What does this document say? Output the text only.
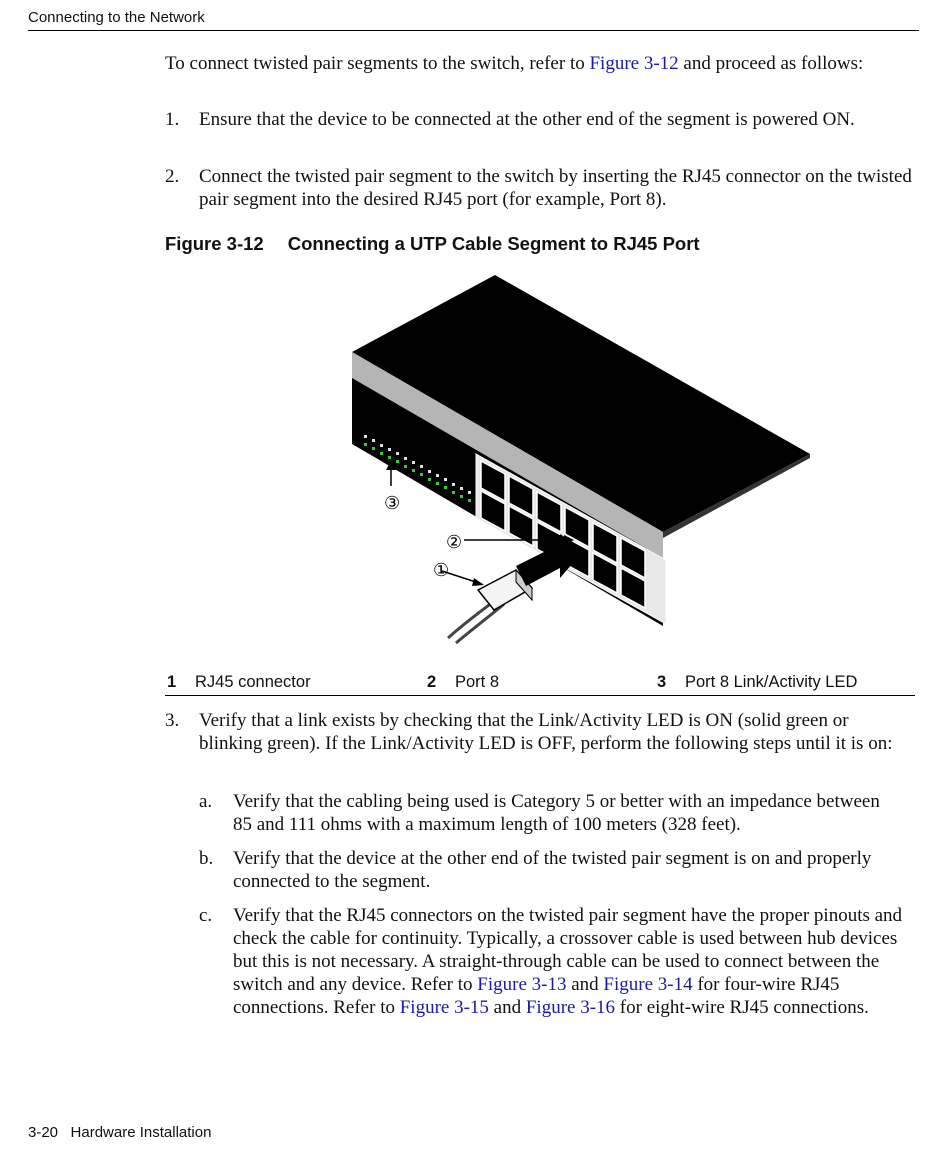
Connecting to the Network
To connect twisted pair segments to the switch, refer to Figure 3-12 and proceed as follows:
1. Ensure that the device to be connected at the other end of the segment is powered ON.
2. Connect the twisted pair segment to the switch by inserting the RJ45 connector on the twisted pair segment into the desired RJ45 port (for example, Port 8).
Figure 3-12 Connecting a UTP Cable Segment to RJ45 Port
①
②
③
1 RJ45 connector	2 Port 8	3 Port 8 Link/Activity LED
3. Verify that a link exists by checking that the Link/Activity LED is ON (solid green or blinking green). If the Link/Activity LED is OFF, perform the following steps until it is on:
a. Verify that the cabling being used is Category 5 or better with an impedance between 85 and 111 ohms with a maximum length of 100 meters (328 feet).
b. Verify that the device at the other end of the twisted pair segment is on and properly connected to the segment.
c. Verify that the RJ45 connectors on the twisted pair segment have the proper pinouts and check the cable for continuity. Typically, a crossover cable is used between hub devices but this is not necessary. A straight-through cable can be used to connect between the switch and any device. Refer to Figure 3-13 and Figure 3-14 for four-wire RJ45 connections. Refer to Figure 3-15 and Figure 3-16 for eight-wire RJ45 connections.
3-20 Hardware Installation
